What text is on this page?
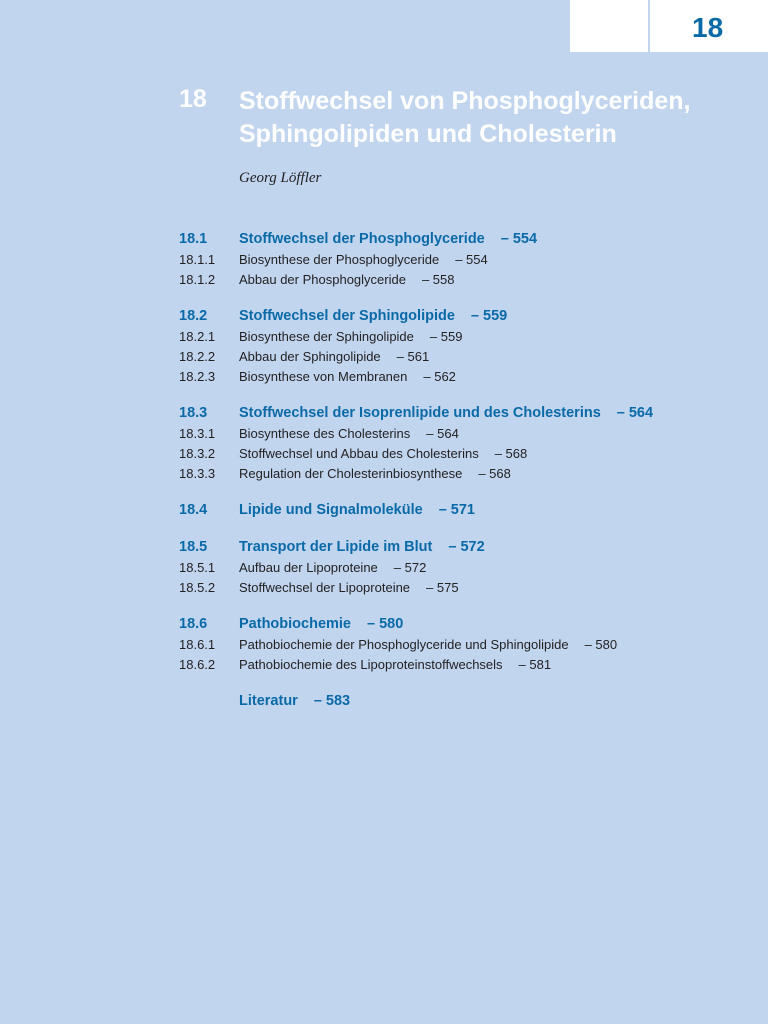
18
18 Stoffwechsel von Phosphoglyceriden, Sphingolipiden und Cholesterin
Georg Löffler
18.1	Stoffwechsel der Phosphoglyceride – 554
18.1.1	Biosynthese der Phosphoglyceride – 554
18.1.2	Abbau der Phosphoglyceride – 558
18.2	Stoffwechsel der Sphingolipide – 559
18.2.1	Biosynthese der Sphingolipide – 559
18.2.2	Abbau der Sphingolipide – 561
18.2.3	Biosynthese von Membranen – 562
18.3	Stoffwechsel der Isoprenlipide und des Cholesterins – 564
18.3.1	Biosynthese des Cholesterins – 564
18.3.2	Stoffwechsel und Abbau des Cholesterins – 568
18.3.3	Regulation der Cholesterinbiosynthese – 568
18.4	Lipide und Signalmoleküle – 571
18.5	Transport der Lipide im Blut – 572
18.5.1	Aufbau der Lipoproteine – 572
18.5.2	Stoffwechsel der Lipoproteine – 575
18.6	Pathobiochemie – 580
18.6.1	Pathobiochemie der Phosphoglyceride und Sphingolipide – 580
18.6.2	Pathobiochemie des Lipoproteinstoffwechsels – 581
Literatur – 583
